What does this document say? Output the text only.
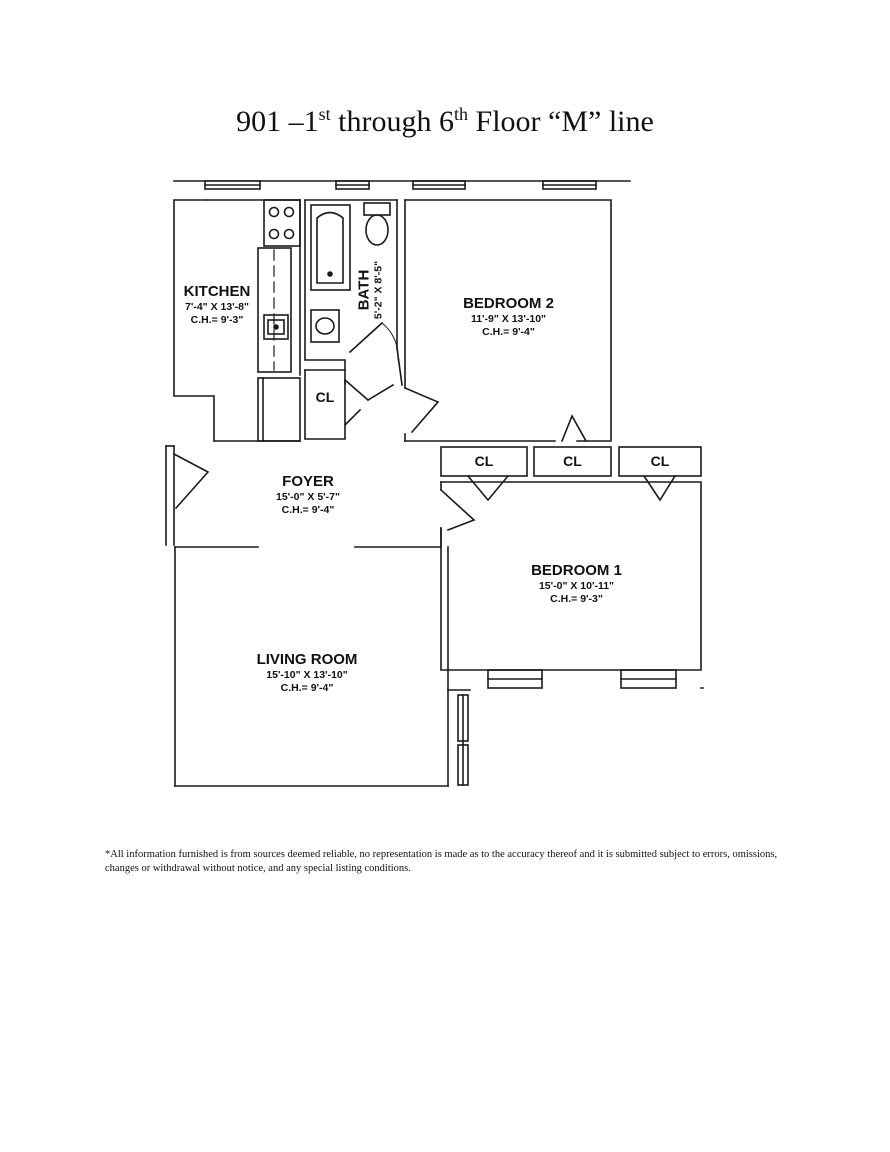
901 –1st through 6th Floor “M” line
KITCHEN
7'-4" X 13'-8"
C.H.= 9'-3"
BATH 5'-2" X 8'-5"	BEDROOM 2
11'-9" X 13'-10"
C.H.= 9'-4"
FOYER
15'-0" X 5'-7"
C.H.= 9'-4"
BEDROOM 1
15'-0" X 10'-11"
C.H.= 9'-3"
LIVING ROOM
15'-10" X 13'-10"
C.H.= 9'-4"
CL
CL	CL	CL
*All information furnished is from sources deemed reliable, no representation is made as to the accuracy thereof and it is submitted subject to errors, omissions, changes or withdrawal without notice, and any special listing conditions.
